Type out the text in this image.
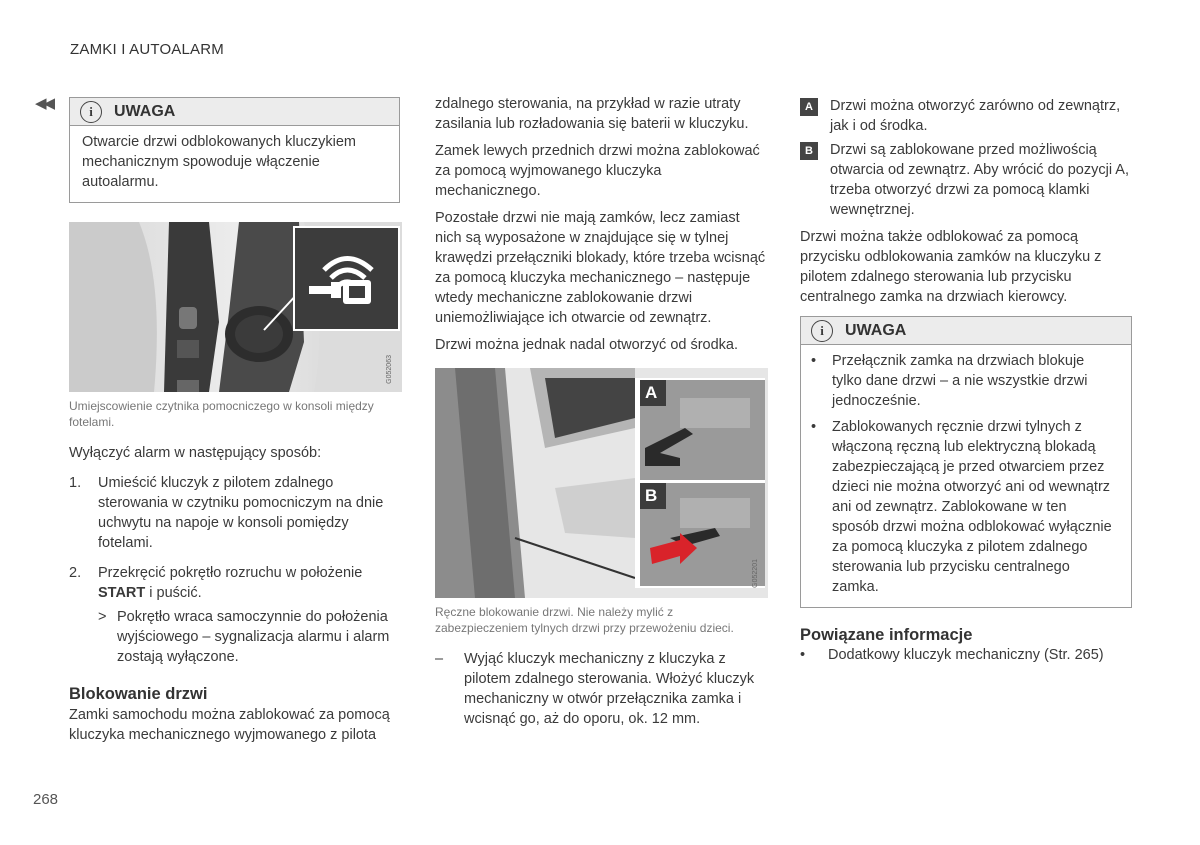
ZAMKI I AUTOALARM
◀◀
268
i	UWAGA

Otwarcie drzwi odblokowanych kluczykiem mechanicznym spowoduje włączenie autoalarmu.

G052063

Umiejscowienie czytnika pomocniczego w konsoli między fotelami.

Wyłączyć alarm w następujący sposób:

1.	Umieścić kluczyk z pilotem zdalnego sterowania w czytniku pomocniczym na dnie uchwytu na napoje w konsoli pomiędzy fotelami.
2.	Przekręcić pokrętło rozruchu w położenie START i puścić.
> Pokrętło wraca samoczynnie do położenia wyjściowego – sygnalizacja alarmu i alarm zostają wyłączone.
Blokowanie drzwi

Zamki samochodu można zablokować za pomocą kluczyka mechanicznego wyjmowanego z pilota

zdalnego sterowania, na przykład w razie utraty zasilania lub rozładowania się baterii w kluczyku.

Zamek lewych przednich drzwi można zablokować za pomocą wyjmowanego kluczyka mechanicznego.

Pozostałe drzwi nie mają zamków, lecz zamiast nich są wyposażone w znajdujące się w tylnej krawędzi przełączniki blokady, które trzeba wcisnąć za pomocą kluczyka mechanicznego – następuje wtedy mechaniczne zablokowanie drzwi uniemożliwiające ich otwarcie od zewnątrz.

Drzwi można jednak nadal otworzyć od środka.

A
B
G052201

Ręczne blokowanie drzwi. Nie należy mylić z zabezpieczeniem tylnych drzwi przy przewożeniu dzieci.

–	Wyjąć kluczyk mechaniczny z kluczyka z pilotem zdalnego sterowania. Włożyć kluczyk mechaniczny w otwór przełącznika zamka i wcisnąć go, aż do oporu, ok. 12 mm.
A	Drzwi można otworzyć zarówno od zewnątrz, jak i od środka.
B	Drzwi są zablokowane przed możliwością otwarcia od zewnątrz. Aby wrócić do pozycji A, trzeba otworzyć drzwi za pomocą klamki wewnętrznej.

Drzwi można także odblokować za pomocą przycisku odblokowania zamków na kluczyku z pilotem zdalnego sterowania lub przycisku centralnego zamka na drzwiach kierowcy.

i	UWAGA
•	Przełącznik zamka na drzwiach blokuje tylko dane drzwi – a nie wszystkie drzwi jednocześnie.
•	Zablokowanych ręcznie drzwi tylnych z włączoną ręczną lub elektryczną blokadą zabezpieczającą je przed otwarciem przez dzieci nie można otworzyć ani od wewnątrz ani od zewnątrz. Zablokowane w ten sposób drzwi można odblokować wyłącznie za pomocą kluczyka z pilotem zdalnego sterowania lub przycisku centralnego zamka.
Powiązane informacje
•	Dodatkowy kluczyk mechaniczny (Str. 265)
